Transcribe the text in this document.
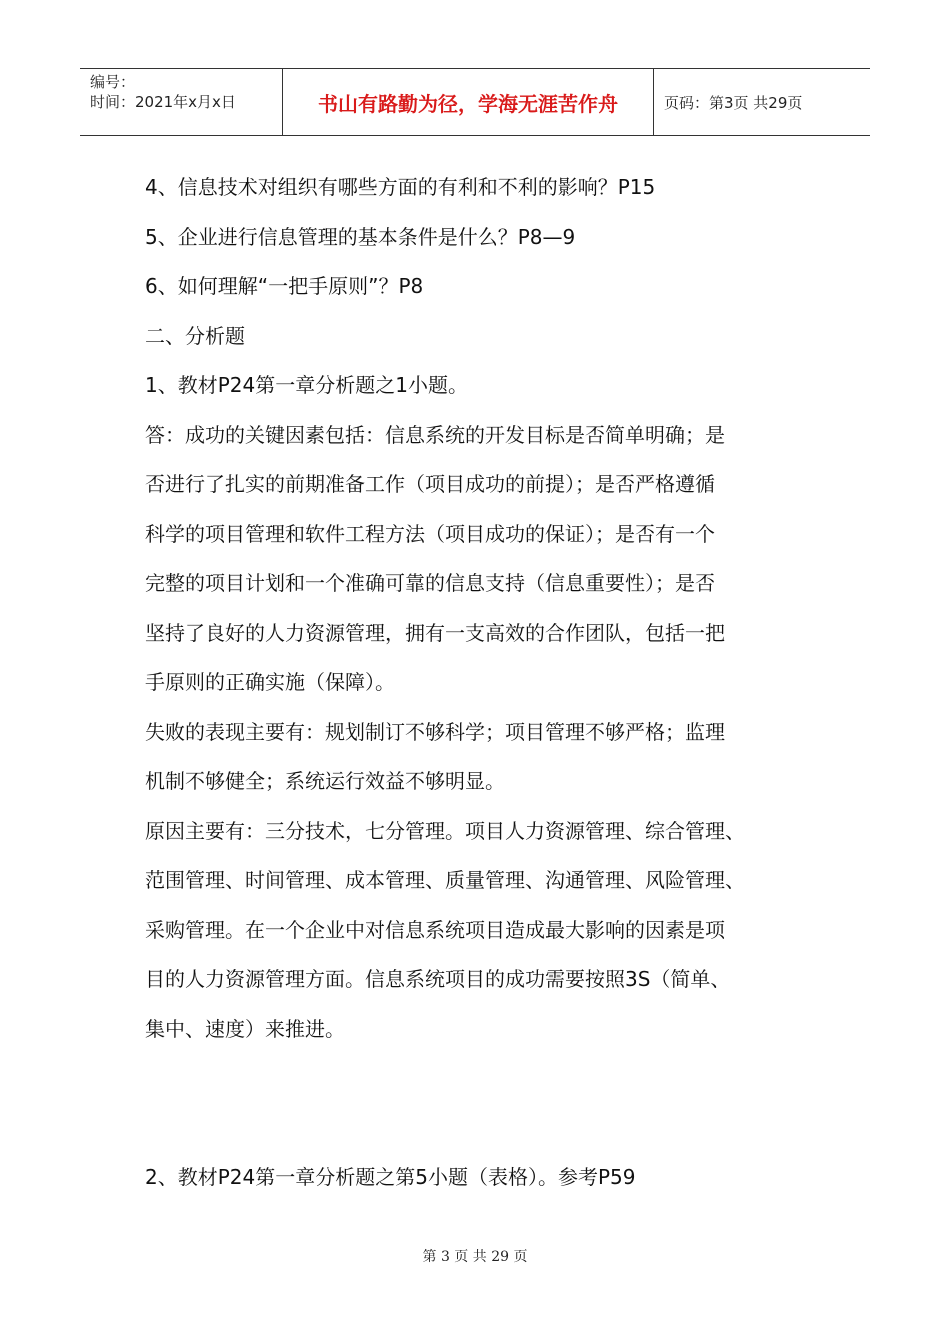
编号：
时间：2021年x月x日	书山有路勤为径，学海无涯苦作舟	页码：第3页 共29页

4、信息技术对组织有哪些方面的有利和不利的影响？P15

5、企业进行信息管理的基本条件是什么？P8—9

6、如何理解“一把手原则”？P8

二、分析题

1、教材P24第一章分析题之1小题。

答：成功的关键因素包括：信息系统的开发目标是否简单明确；是

否进行了扎实的前期准备工作（项目成功的前提）；是否严格遵循

科学的项目管理和软件工程方法（项目成功的保证）；是否有一个

完整的项目计划和一个准确可靠的信息支持（信息重要性）；是否

坚持了良好的人力资源管理，拥有一支高效的合作团队，包括一把

手原则的正确实施（保障）。

失败的表现主要有：规划制订不够科学；项目管理不够严格；监理

机制不够健全；系统运行效益不够明显。

原因主要有：三分技术，七分管理。项目人力资源管理、综合管理、

范围管理、时间管理、成本管理、质量管理、沟通管理、风险管理、

采购管理。在一个企业中对信息系统项目造成最大影响的因素是项

目的人力资源管理方面。信息系统项目的成功需要按照3S（简单、

集中、速度）来推进。

2、教材P24第一章分析题之第5小题（表格）。参考P59

第 3 页 共 29 页
